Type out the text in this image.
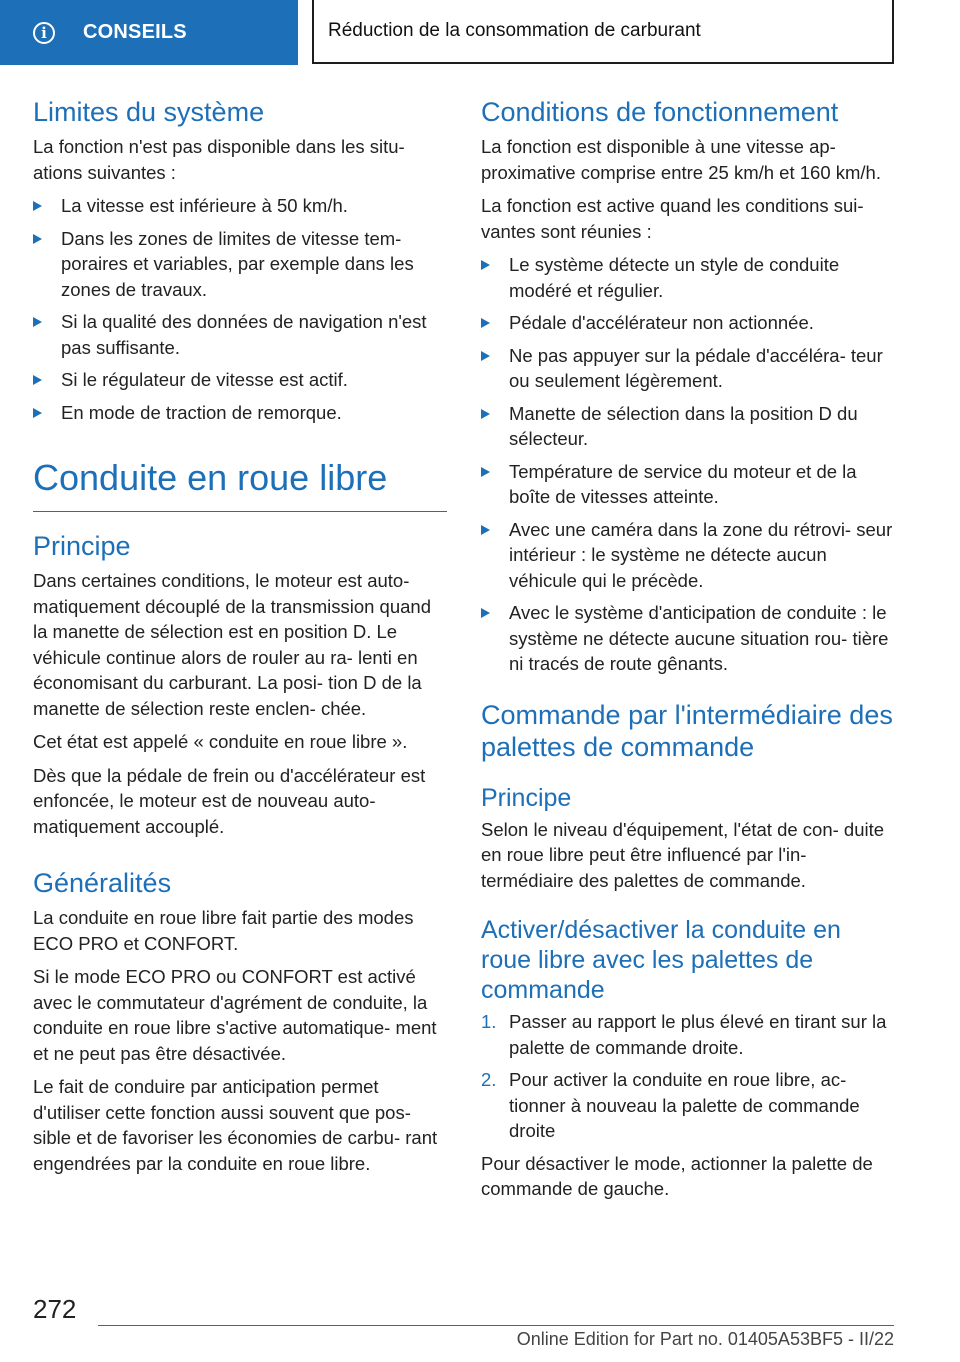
i	CONSEILS	Réduction de la consommation de carburant
Limites du système

La fonction n'est pas disponible dans les situ- ations suivantes :

La vitesse est inférieure à 50 km/h.
Dans les zones de limites de vitesse tem- poraires et variables, par exemple dans les zones de travaux.
Si la qualité des données de navigation n'est pas suffisante.
Si le régulateur de vitesse est actif.
En mode de traction de remorque.
Conduite en roue libre
Principe

Dans certaines conditions, le moteur est auto- matiquement découplé de la transmission quand la manette de sélection est en position D. Le véhicule continue alors de rouler au ra- lenti en économisant du carburant. La posi- tion D de la manette de sélection reste enclen- chée.

Cet état est appelé « conduite en roue libre ».

Dès que la pédale de frein ou d'accélérateur est enfoncée, le moteur est de nouveau auto- matiquement accouplé.

Généralités

La conduite en roue libre fait partie des modes ECO PRO et CONFORT.

Si le mode ECO PRO ou CONFORT est activé avec le commutateur d'agrément de conduite, la conduite en roue libre s'active automatique- ment et ne peut pas être désactivée.

Le fait de conduire par anticipation permet d'utiliser cette fonction aussi souvent que pos- sible et de favoriser les économies de carbu- rant engendrées par la conduite en roue libre.

Conditions de fonctionnement

La fonction est disponible à une vitesse ap- proximative comprise entre 25 km/h et 160 km/h.

La fonction est active quand les conditions sui- vantes sont réunies :

Le système détecte un style de conduite modéré et régulier.
Pédale d'accélérateur non actionnée.
Ne pas appuyer sur la pédale d'accéléra- teur ou seulement légèrement.
Manette de sélection dans la position D du sélecteur.
Température de service du moteur et de la boîte de vitesses atteinte.
Avec une caméra dans la zone du rétrovi- seur intérieur : le système ne détecte aucun véhicule qui le précède.
Avec le système d'anticipation de conduite : le système ne détecte aucune situation rou- tière ni tracés de route gênants.
Commande par l'intermédiaire des palettes de commande
Principe

Selon le niveau d'équipement, l'état de con- duite en roue libre peut être influencé par l'in- termédiaire des palettes de commande.

Activer/désactiver la conduite en roue libre avec les palettes de commande
1. Passer au rapport le plus élevé en tirant sur la palette de commande droite.
2. Pour activer la conduite en roue libre, ac- tionner à nouveau la palette de commande droite

Pour désactiver le mode, actionner la palette de commande de gauche.

272
Online Edition for Part no. 01405A53BF5 - II/22
